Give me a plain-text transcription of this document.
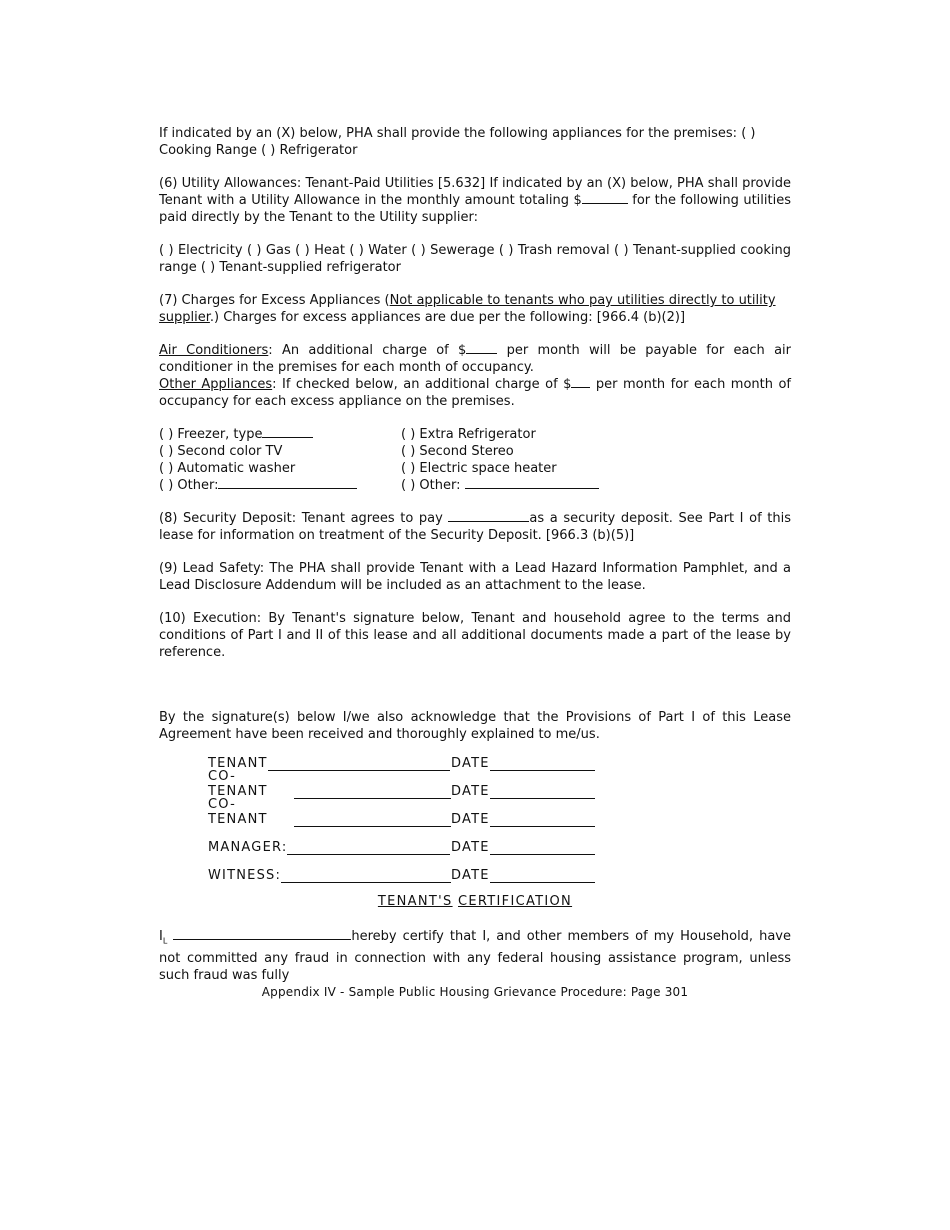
If indicated by an (X) below, PHA shall provide the following appliances for the premises: ( ) Cooking Range ( ) Refrigerator

(6) Utility Allowances: Tenant-Paid Utilities [5.632] If indicated by an (X) below, PHA shall provide Tenant with a Utility Allowance in the monthly amount totaling $	for the following utilities paid directly by the Tenant to the Utility supplier:

( ) Electricity ( ) Gas ( ) Heat ( ) Water ( ) Sewerage ( ) Trash removal ( ) Tenant-supplied cooking range ( ) Tenant-supplied refrigerator

(7) Charges for Excess Appliances (Not applicable to tenants who pay utilities directly to utility supplier.) Charges for excess appliances are due per the following: [966.4 (b)(2)]

Air Conditioners: An additional charge of $ per month will be payable for each air conditioner in the premises for each month of occupancy.

Other Appliances: If checked below, an additional charge of $ per month for each month of occupancy for each excess appliance on the premises.

( ) Freezer, type	( ) Extra Refrigerator
( ) Second color TV	( ) Second Stereo
( ) Automatic washer	( ) Electric space heater
( ) Other:	( ) Other:

(8) Security Deposit: Tenant agrees to pay	as a security deposit. See Part I of this lease for information on treatment of the Security Deposit. [966.3 (b)(5)]

(9) Lead Safety: The PHA shall provide Tenant with a Lead Hazard Information Pamphlet, and a Lead Disclosure Addendum will be included as an attachment to the lease.

(10) Execution: By Tenant's signature below, Tenant and household agree to the terms and conditions of Part I and II of this lease and all additional documents made a part of the lease by reference.

By the signature(s) below I/we also acknowledge that the Provisions of Part I of this Lease Agreement have been received and thoroughly explained to me/us.

TENANT	DATE
CO-TENANT	DATE
CO-TENANT	DATE
MANAGER:	DATE
WITNESS:	DATE

TENANT'S CERTIFICATION

$I_L$	hereby certify that I, and other members of my Household, have not committed any fraud in connection with any federal housing assistance program, unless such fraud was fully

Appendix IV - Sample Public Housing Grievance Procedure: Page 301
